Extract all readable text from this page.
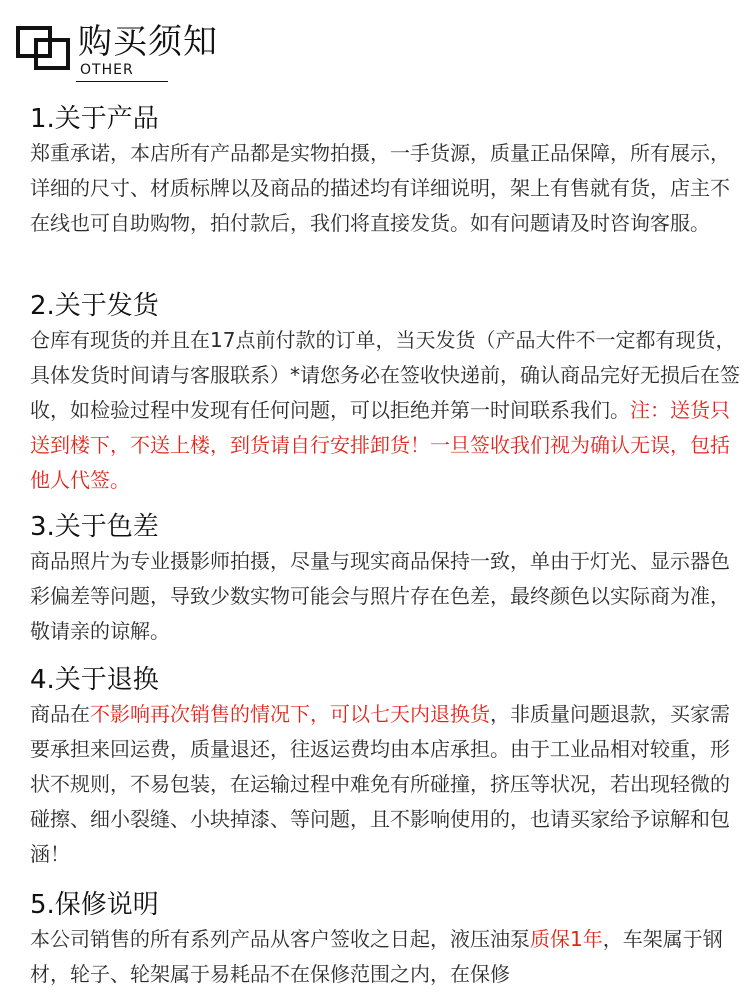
购买须知
OTHER
1.关于产品

郑重承诺，本店所有产品都是实物拍摄，一手货源，质量正品保障，所有展示，详细的尺寸、材质标牌以及商品的描述均有详细说明，架上有售就有货，店主不在线也可自助购物，拍付款后，我们将直接发货。如有问题请及时咨询客服。

2.关于发货

仓库有现货的并且在17点前付款的订单，当天发货（产品大件不一定都有现货，具体发货时间请与客服联系）*请您务必在签收快递前，确认商品完好无损后在签收，如检验过程中发现有任何问题，可以拒绝并第一时间联系我们。注：送货只送到楼下，不送上楼，到货请自行安排卸货！一旦签收我们视为确认无误，包括他人代签。

3.关于色差

商品照片为专业摄影师拍摄，尽量与现实商品保持一致，单由于灯光、显示器色彩偏差等问题，导致少数实物可能会与照片存在色差，最终颜色以实际商为准，敬请亲的谅解。

4.关于退换

商品在不影响再次销售的情况下，可以七天内退换货，非质量问题退款，买家需要承担来回运费，质量退还，往返运费均由本店承担。由于工业品相对较重，形状不规则，不易包装，在运输过程中难免有所碰撞，挤压等状况，若出现轻微的碰擦、细小裂缝、小块掉漆、等问题，且不影响使用的，也请买家给予谅解和包涵！

5.保修说明

本公司销售的所有系列产品从客户签收之日起，液压油泵质保1年，车架属于钢材，轮子、轮架属于易耗品不在保修范围之内，在保修
